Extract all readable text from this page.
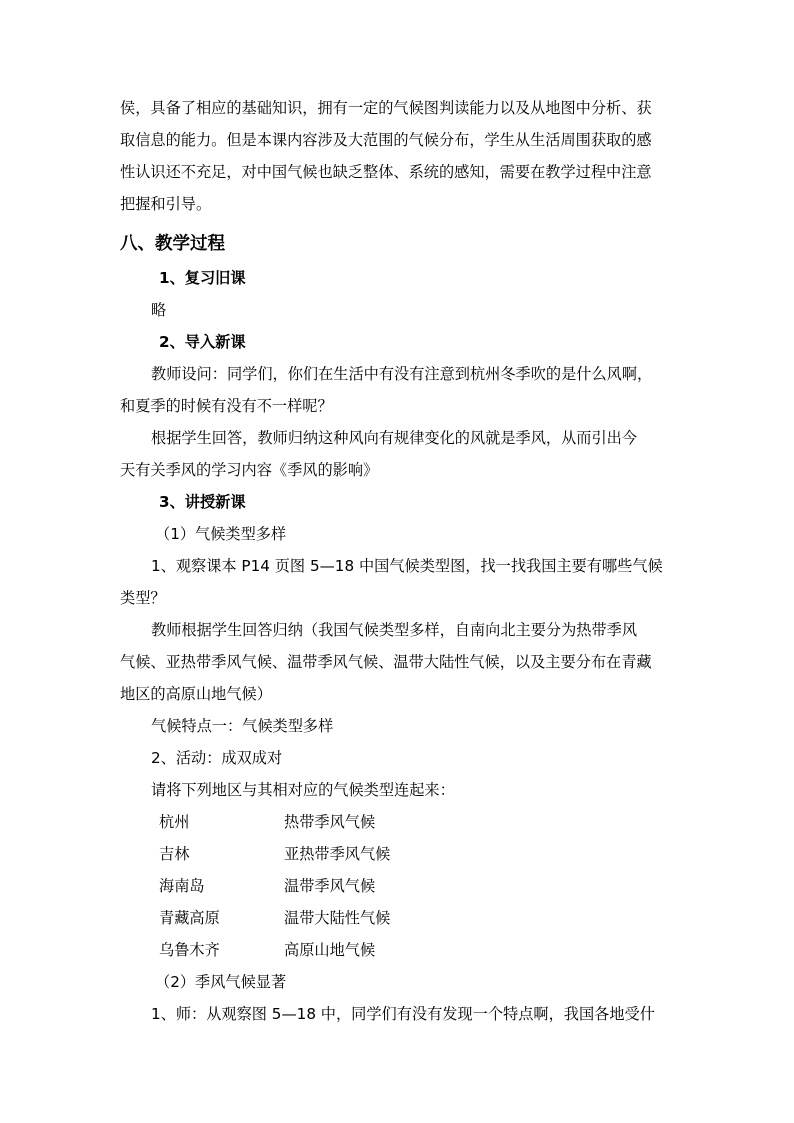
侯，具备了相应的基础知识，拥有一定的气候图判读能力以及从地图中分析、获

取信息的能力。但是本课内容涉及大范围的气候分布，学生从生活周围获取的感

性认识还不充足，对中国气候也缺乏整体、系统的感知，需要在教学过程中注意

把握和引导。

八、教学过程

1、复习旧课

略

2、导入新课

教师设问：同学们，你们在生活中有没有注意到杭州冬季吹的是什么风啊，

和夏季的时候有没有不一样呢？

根据学生回答，教师归纳这种风向有规律变化的风就是季风，从而引出今

天有关季风的学习内容《季风的影响》

3、讲授新课

（1）气候类型多样

1、观察课本 P14 页图 5—18 中国气候类型图，找一找我国主要有哪些气候

类型？

教师根据学生回答归纳（我国气候类型多样，自南向北主要分为热带季风

气候、亚热带季风气候、温带季风气候、温带大陆性气候，以及主要分布在青藏

地区的高原山地气候）

气候特点一：气候类型多样

2、活动：成双成对

请将下列地区与其相对应的气候类型连起来：

杭州	热带季风气候
吉林	亚热带季风气候
海南岛	温带季风气候
青藏高原	温带大陆性气候
乌鲁木齐	高原山地气候

（2）季风气候显著

1、师：从观察图 5—18 中，同学们有没有发现一个特点啊，我国各地受什
